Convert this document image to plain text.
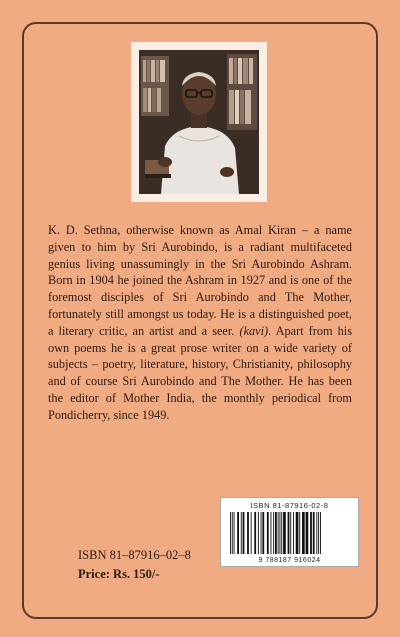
K. D. Sethna, otherwise known as Amal Kiran – a name given to him by Sri Aurobindo, is a radiant multifaceted genius living unassumingly in the Sri Aurobindo Ashram. Born in 1904 he joined the Ashram in 1927 and is one of the foremost disciples of Sri Aurobindo and The Mother, fortunately still amongst us today. He is a distinguished poet, a literary critic, an artist and a seer. (kavi). Apart from his own poems he is a great prose writer on a wide variety of subjects – poetry, literature, history, Christianity, philosophy and of course Sri Aurobindo and The Mother. He has been the editor of Mother India, the monthly periodical from Pondicherry, since 1949.

ISBN 81-87916-02-8
9 788187 916024
ISBN 81–87916–02–8
Price: Rs. 150/-
